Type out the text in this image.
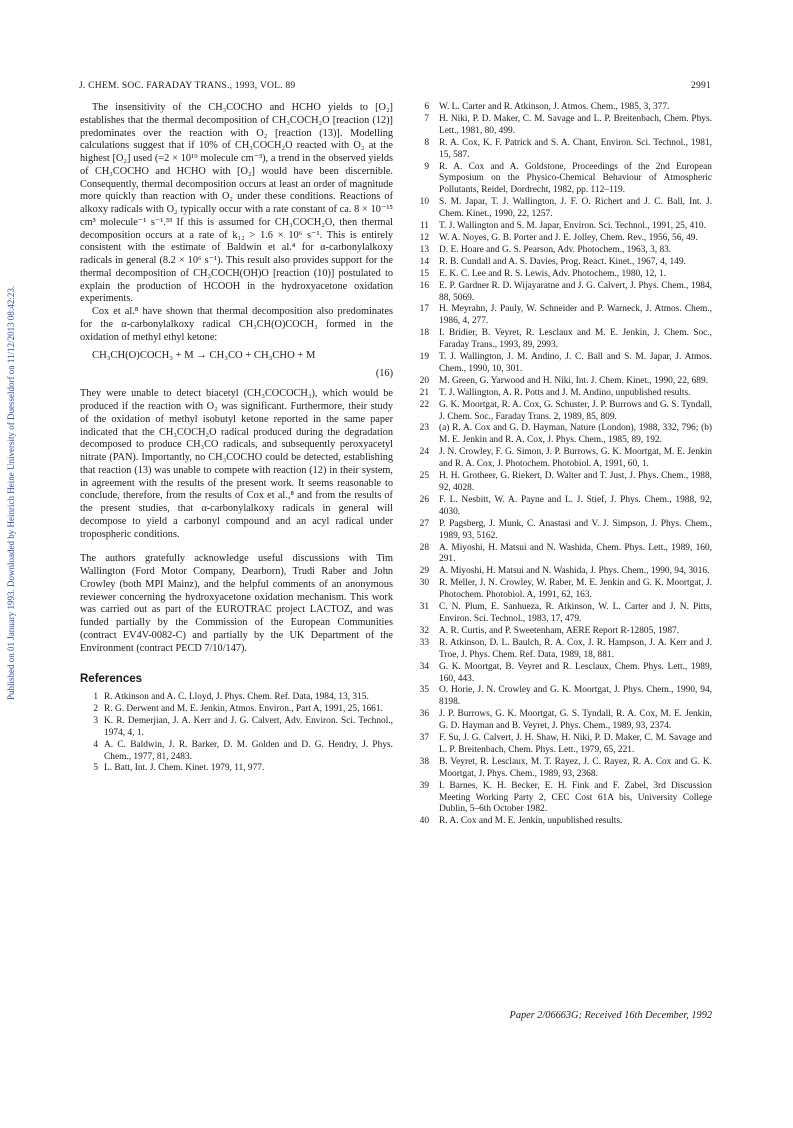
J. CHEM. SOC. FARADAY TRANS., 1993, VOL. 89	2991
Published on 01 January 1993. Downloaded by Heinrich Heine University of Duesseldorf on 11/12/2013 08:42:23.

The insensitivity of the CH₃COCHO and HCHO yields to [O₂] establishes that the thermal decomposition of CH₃COCH₂O [reaction (12)] predominates over the reaction with O₂ [reaction (13)]. Modelling calculations suggest that if 10% of CH₃COCH₂O reacted with O₂ at the highest [O₂] used (=2 × 10¹⁹ molecule cm⁻³), a trend in the observed yields of CH₃COCHO and HCHO with [O₂] would have been discernible. Consequently, thermal decomposition occurs at least an order of magnitude more quickly than reaction with O₂ under these conditions. Reactions of alkoxy radicals with O₂ typically occur with a rate constant of ca. 8 × 10⁻¹⁵ cm³ molecule⁻¹ s⁻¹.³³ If this is assumed for CH₃COCH₂O, then thermal decomposition occurs at a rate of k₁₂ > 1.6 × 10⁶ s⁻¹. This is entirely consistent with the estimate of Baldwin et al.⁴ for α-carbonylalkoxy radicals in general (8.2 × 10⁶ s⁻¹). This result also provides support for the thermal decomposition of CH₃COCH(OH)O [reaction (10)] postulated to explain the production of HCOOH in the hydroxyacetone oxidation experiments.

Cox et al.⁸ have shown that thermal decomposition also predominates for the α-carbonylalkoxy radical CH₃CH(O)COCH₃ formed in the oxidation of methyl ethyl ketone:

CH₃CH(O)COCH₃ + M → CH₃CO + CH₃CHO + M
(16)

They were unable to detect biacetyl (CH₃COCOCH₃), which would be produced if the reaction with O₂ was significant. Furthermore, their study of the oxidation of methyl isobutyl ketone reported in the same paper indicated that the CH₃COCH₂O radical produced during the degradation decomposed to produce CH₃CO radicals, and subsequently peroxyacetyl nitrate (PAN). Importantly, no CH₃COCHO could be detected, establishing that reaction (13) was unable to compete with reaction (12) in their system, in agreement with the results of the present work. It seems reasonable to conclude, therefore, from the results of Cox et al.,⁸ and from the results of the present studies, that α-carbonylalkoxy radicals in general will decompose to yield a carbonyl compound and an acyl radical under tropospheric conditions.

The authors gratefully acknowledge useful discussions with Tim Wallington (Ford Motor Company, Dearborn), Trudi Raber and John Crowley (both MPI Mainz), and the helpful comments of an anonymous reviewer concerning the hydroxyacetone oxidation mechanism. This work was carried out as part of the EUROTRAC project LACTOZ, and was funded partially by the Commission of the European Communities (contract EV4V-0082-C) and partially by the UK Department of the Environment (contract PECD 7/10/147).

References
1 R. Atkinson and A. C. Lloyd, J. Phys. Chem. Ref. Data, 1984, 13, 315.
2 R. G. Derwent and M. E. Jenkin, Atmos. Environ., Part A, 1991, 25, 1661.
3 K. R. Demerjian, J. A. Kerr and J. G. Calvert, Adv. Environ. Sci. Technol., 1974, 4, 1.
4 A. C. Baldwin, J. R. Barker, D. M. Golden and D. G. Hendry, J. Phys. Chem., 1977, 81, 2483.
5 L. Batt, Int. J. Chem. Kinet. 1979, 11, 977.
6	W. L. Carter and R. Atkinson, J. Atmos. Chem., 1985, 3, 377.
7	H. Niki, P. D. Maker, C. M. Savage and L. P. Breitenbach, Chem. Phys. Lett., 1981, 80, 499.
8	R. A. Cox, K. F. Patrick and S. A. Chant, Environ. Sci. Technol., 1981, 15, 587.
9	R. A. Cox and A. Goldstone, Proceedings of the 2nd European Symposium on the Physico-Chemical Behaviour of Atmospheric Pollutants, Reidel, Dordrecht, 1982, pp. 112–119.
10	S. M. Japar, T. J. Wallington, J. F. O. Richert and J. C. Ball, Int. J. Chem. Kinet., 1990, 22, 1257.
11	T. J. Wallington and S. M. Japar, Environ. Sci. Technol., 1991, 25, 410.
12	W. A. Noyes, G. B. Porter and J. E. Jolley, Chem. Rev., 1956, 56, 49.
13	D. E. Hoare and G. S. Pearson, Adv. Photochem., 1963, 3, 83.
14	R. B. Cundall and A. S. Davies, Prog. React. Kinet., 1967, 4, 149.
15	E. K. C. Lee and R. S. Lewis, Adv. Photochem., 1980, 12, 1.
16	E. P. Gardner R. D. Wijayaratne and J. G. Calvert, J. Phys. Chem., 1984, 88, 5069.
17	H. Meyrahn, J. Pauly, W. Schneider and P. Warneck, J. Atmos. Chem., 1986, 4, 277.
18	I. Bridier, B. Veyret, R. Lesclaux and M. E. Jenkin, J. Chem. Soc., Faraday Trans., 1993, 89, 2993.
19	T. J. Wallington, J. M. Andino, J. C. Ball and S. M. Japar, J. Atmos. Chem., 1990, 10, 301.
20	M. Green, G. Yarwood and H. Niki, Int. J. Chem. Kinet., 1990, 22, 689.
21	T. J. Wallington, A. R. Potts and J. M. Andino, unpublished results.
22	G. K. Moortgat, R. A. Cox, G. Schuster, J. P. Burrows and G. S. Tyndall, J. Chem. Soc., Faraday Trans. 2, 1989, 85, 809.
23	(a) R. A. Cox and G. D. Hayman, Nature (London), 1988, 332, 796; (b) M. E. Jenkin and R. A. Cox, J. Phys. Chem., 1985, 89, 192.
24	J. N. Crowley, F. G. Simon, J. P. Burrows, G. K. Moortgat, M. E. Jenkin and R. A. Cox, J. Photochem. Photobiol. A, 1991, 60, 1.
25	H. H. Grotheer, G. Riekert, D. Walter and T. Just, J. Phys. Chem., 1988, 92, 4028.
26	F. L. Nesbitt, W. A. Payne and L. J. Stief, J. Phys. Chem., 1988, 92, 4030.
27	P. Pagsberg, J. Munk, C. Anastasi and V. J. Simpson, J. Phys. Chem., 1989, 93, 5162.
28	A. Miyoshi, H. Matsui and N. Washida, Chem. Phys. Lett., 1989, 160, 291.
29	A. Miyoshi, H. Matsui and N. Washida, J. Phys. Chem., 1990, 94, 3016.
30	R. Meller, J. N. Crowley, W. Raber, M. E. Jenkin and G. K. Moortgat, J. Photochem. Photobiol. A, 1991, 62, 163.
31	C. N. Plum, E. Sanhueza, R. Atkinson, W. L. Carter and J. N. Pitts, Environ. Sci. Technol., 1983, 17, 479.
32	A. R. Curtis, and P. Sweetenham, AERE Report R-12805, 1987.
33	R. Atkinson, D. L. Baulch, R. A. Cox, J. R. Hampson, J. A. Kerr and J. Troe, J. Phys. Chem. Ref. Data, 1989, 18, 881.
34	G. K. Moortgat, B. Veyret and R. Lesclaux, Chem. Phys. Lett., 1989, 160, 443.
35	O. Horie, J. N. Crowley and G. K. Moortgat, J. Phys. Chem., 1990, 94, 8198.
36	J. P. Burrows, G. K. Moortgat, G. S. Tyndall, R. A. Cox, M. E. Jenkin, G. D. Hayman and B. Veyret, J. Phys. Chem., 1989, 93, 2374.
37	F. Su, J. G. Calvert, J. H. Shaw, H. Niki, P. D. Maker, C. M. Savage and L. P. Breitenbach, Chem. Phys. Lett., 1979, 65, 221.
38	B. Veyret, R. Lesclaux, M. T. Rayez, J. C. Rayez, R. A. Cox and G. K. Moortgat, J. Phys. Chem., 1989, 93, 2368.
39	I. Barnes, K. H. Becker, E. H. Fink and F. Zabel, 3rd Discussion Meeting Working Party 2, CEC Cost 61A bis, University College Dublin, 5–6th October 1982.
40	R. A. Cox and M. E. Jenkin, unpublished results.
Paper 2/06663G; Received 16th December, 1992
